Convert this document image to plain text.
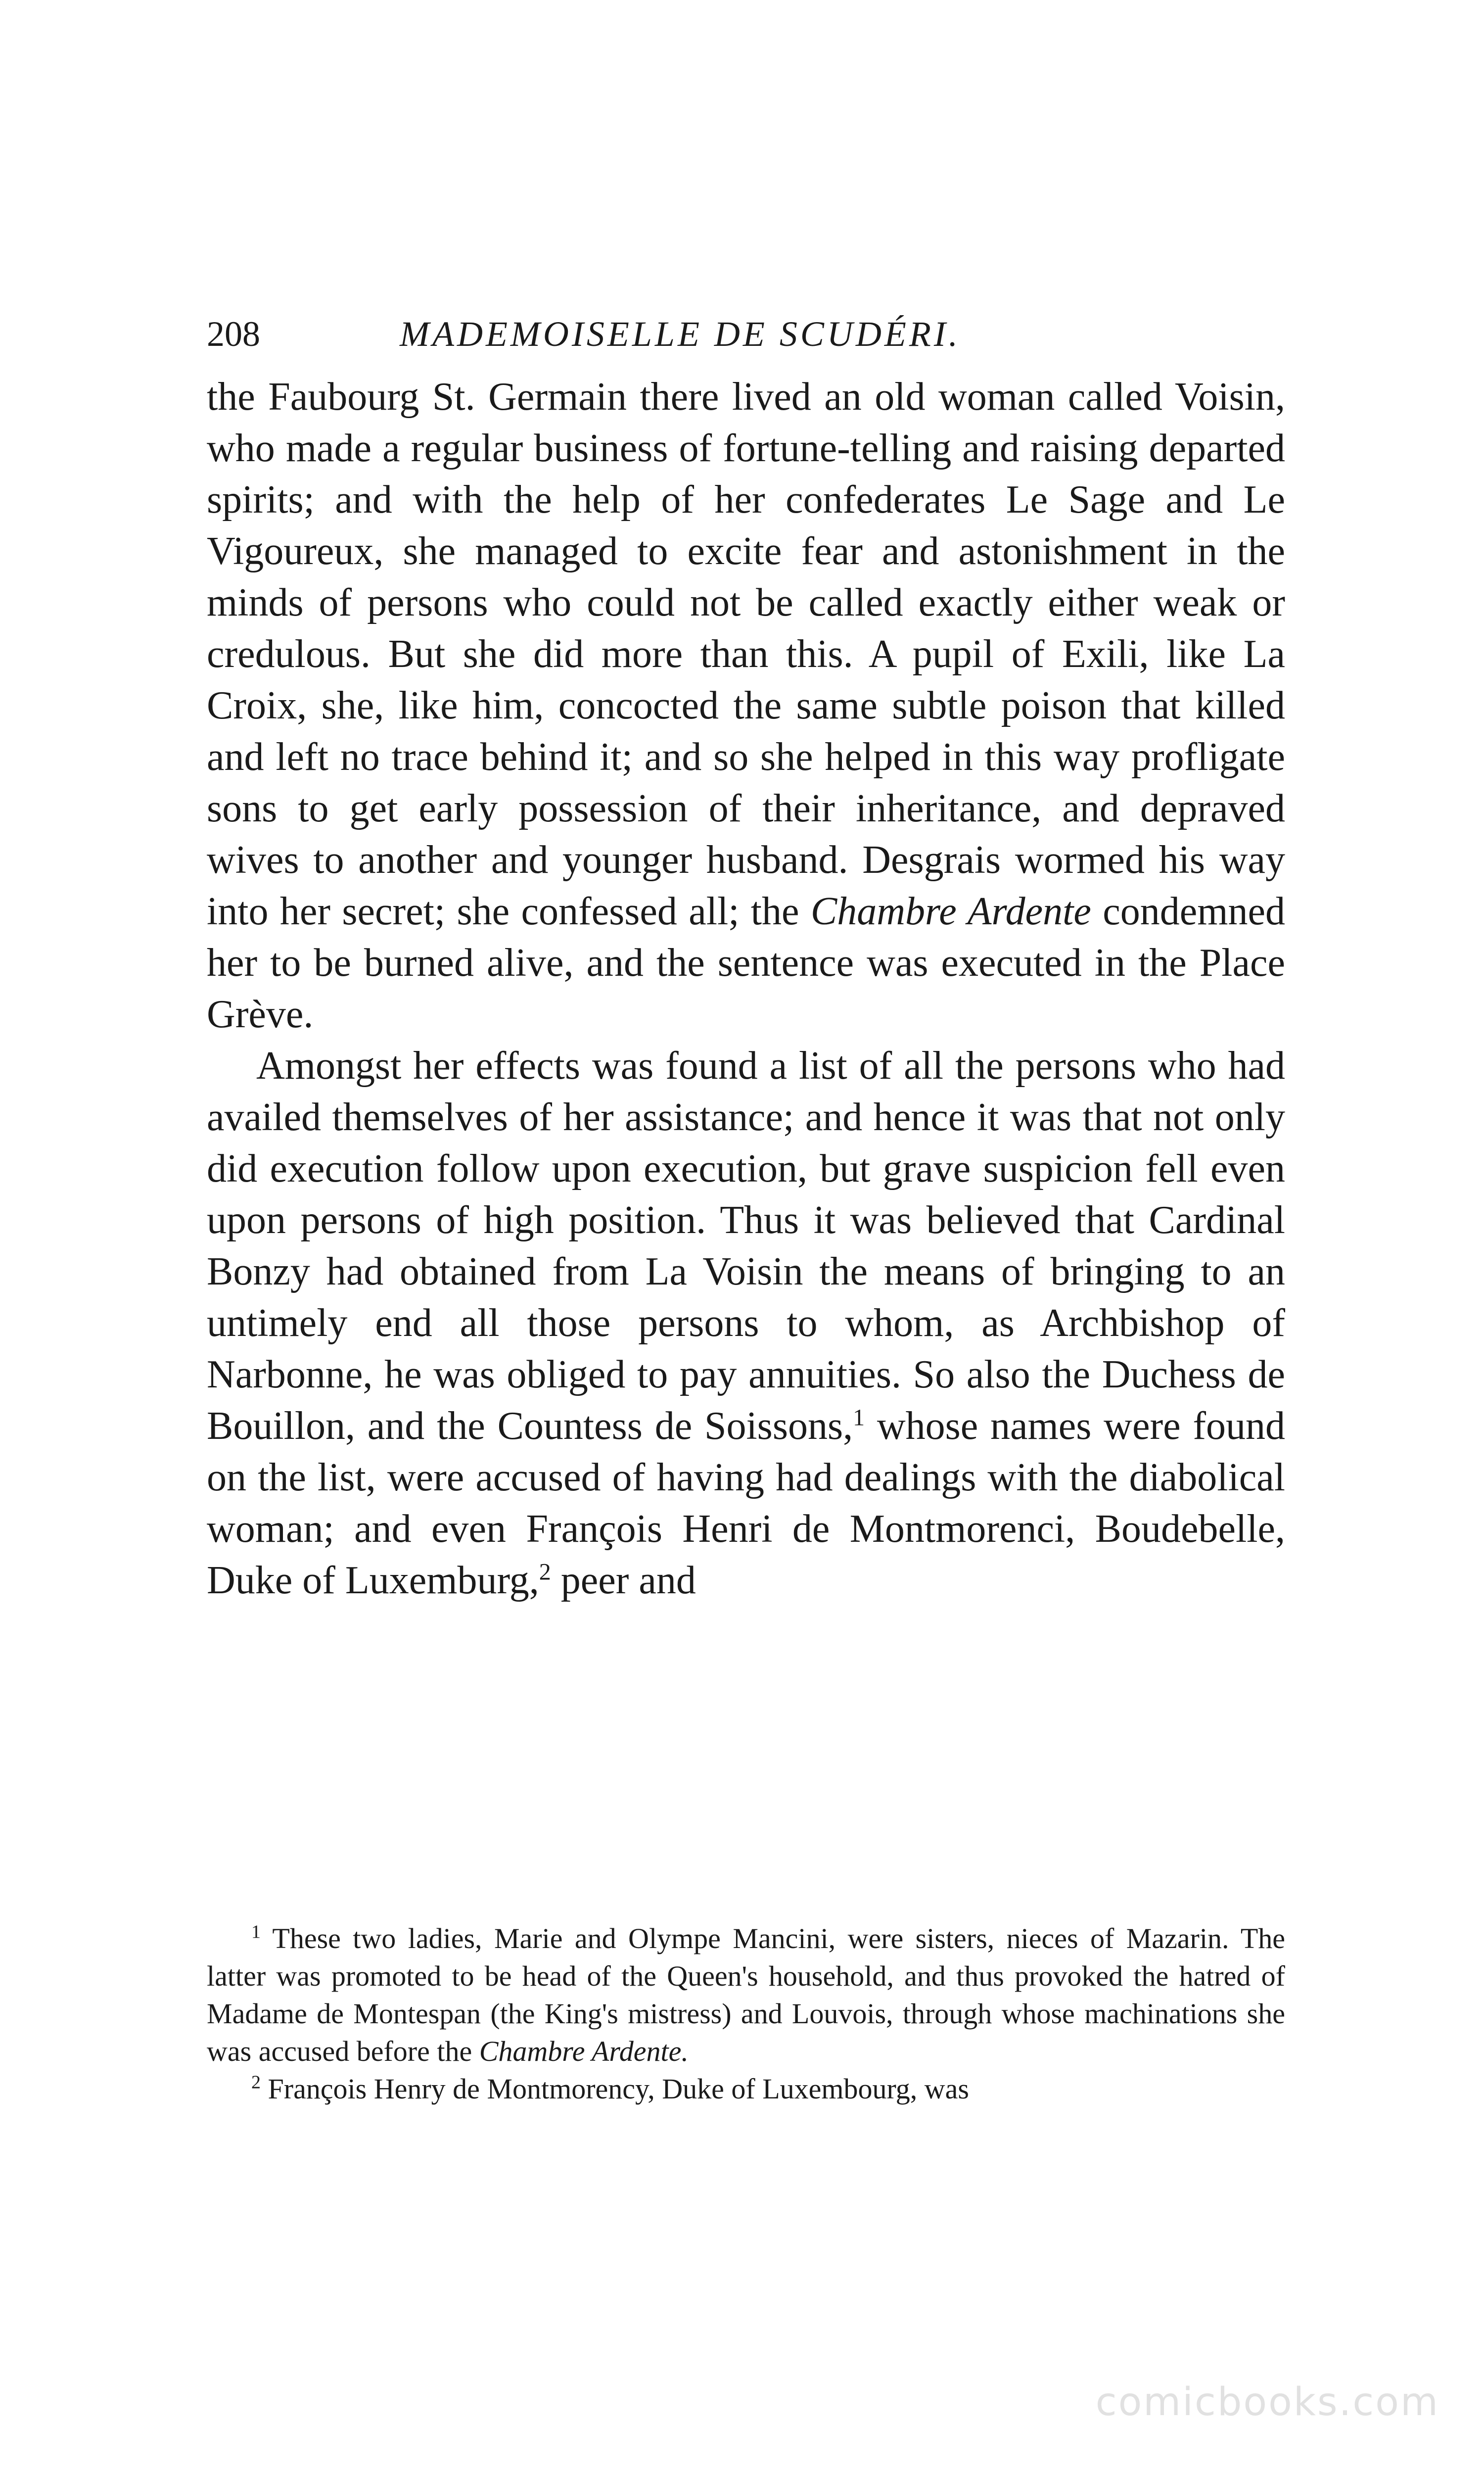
208	MADEMOISELLE DE SCUDÉRI.

the Faubourg St. Germain there lived an old woman called Voisin, who made a regular business of fortune-telling and raising departed spirits; and with the help of her confederates Le Sage and Le Vigoureux, she managed to excite fear and astonishment in the minds of persons who could not be called exactly either weak or credulous. But she did more than this. A pupil of Exili, like La Croix, she, like him, concocted the same subtle poison that killed and left no trace behind it; and so she helped in this way profligate sons to get early possession of their inheritance, and depraved wives to another and younger husband. Desgrais wormed his way into her secret; she confessed all; the Chambre Ardente condemned her to be burned alive, and the sentence was executed in the Place Grève.

Amongst her effects was found a list of all the persons who had availed themselves of her assistance; and hence it was that not only did execution follow upon execution, but grave suspicion fell even upon persons of high position. Thus it was believed that Cardinal Bonzy had obtained from La Voisin the means of bringing to an untimely end all those persons to whom, as Archbishop of Narbonne, he was obliged to pay annuities. So also the Duchess de Bouillon, and the Countess de Soissons,$^1$ whose names were found on the list, were accused of having had dealings with the diabolical woman; and even François Henri de Montmorenci, Boudebelle, Duke of Luxemburg,$^2$ peer and

$^1$ These two ladies, Marie and Olympe Mancini, were sisters, nieces of Mazarin. The latter was promoted to be head of the Queen's household, and thus provoked the hatred of Madame de Montespan (the King's mistress) and Louvois, through whose machinations she was accused before the Chambre Ardente.

$^2$ François Henry de Montmorency, Duke of Luxembourg, was

comicbooks.com
